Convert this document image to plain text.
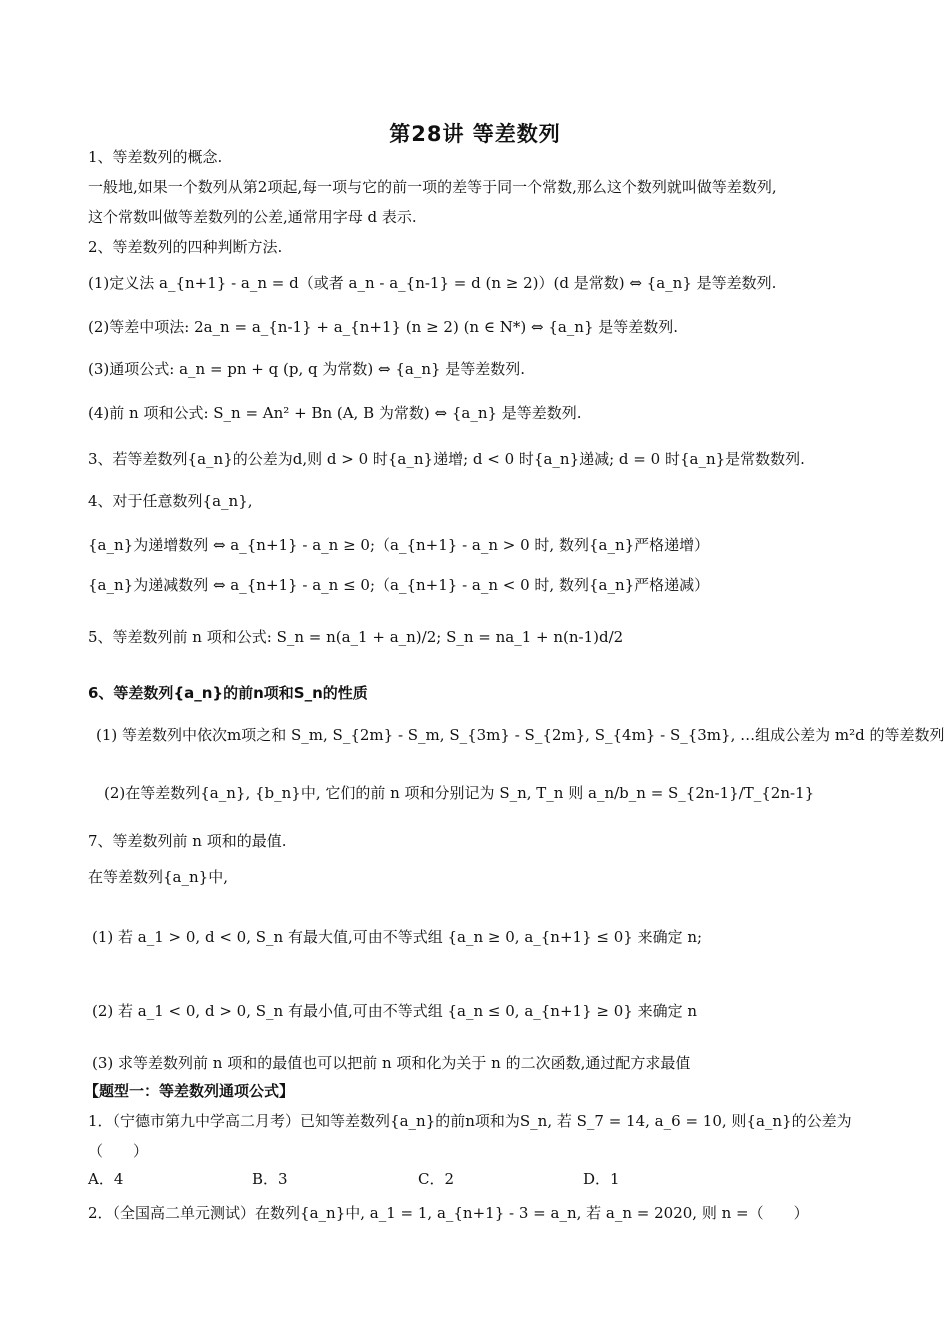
第28讲 等差数列
1、等差数列的概念.
一般地,如果一个数列从第2项起,每一项与它的前一项的差等于同一个常数,那么这个数列就叫做等差数列,
这个常数叫做等差数列的公差,通常用字母 d 表示.
2、等差数列的四种判断方法.
(1)定义法 a_{n+1} - a_n = d（或者 a_n - a_{n-1} = d (n ≥ 2)）(d 是常数) ⇔ {a_n} 是等差数列.
(2)等差中项法: 2a_n = a_{n-1} + a_{n+1} (n ≥ 2) (n ∈ N*) ⇔ {a_n} 是等差数列.
(3)通项公式: a_n = pn + q (p, q 为常数) ⇔ {a_n} 是等差数列.
(4)前 n 项和公式: S_n = An² + Bn (A, B 为常数) ⇔ {a_n} 是等差数列.
3、若等差数列{a_n}的公差为d,则 d > 0 时{a_n}递增; d < 0 时{a_n}递减; d = 0 时{a_n}是常数数列.
4、对于任意数列{a_n},
{a_n}为递增数列 ⇔ a_{n+1} - a_n ≥ 0;（a_{n+1} - a_n > 0 时, 数列{a_n}严格递增）
{a_n}为递减数列 ⇔ a_{n+1} - a_n ≤ 0;（a_{n+1} - a_n < 0 时, 数列{a_n}严格递减）
5、等差数列前 n 项和公式: S_n = n(a_1 + a_n)/2; S_n = na_1 + n(n-1)d/2
6、等差数列{a_n}的前n项和S_n的性质
(1) 等差数列中依次m项之和 S_m, S_{2m} - S_m, S_{3m} - S_{2m}, S_{4m} - S_{3m}, …组成公差为 m²d 的等差数列
(2)在等差数列{a_n}, {b_n}中, 它们的前 n 项和分别记为 S_n, T_n 则 a_n/b_n = S_{2n-1}/T_{2n-1}
7、等差数列前 n 项和的最值.
在等差数列{a_n}中,
(1) 若 a_1 > 0, d < 0, S_n 有最大值,可由不等式组 {a_n ≥ 0, a_{n+1} ≤ 0} 来确定 n;
(2) 若 a_1 < 0, d > 0, S_n 有最小值,可由不等式组 {a_n ≤ 0, a_{n+1} ≥ 0} 来确定 n
(3) 求等差数列前 n 项和的最值也可以把前 n 项和化为关于 n 的二次函数,通过配方求最值
【题型一：等差数列通项公式】
1．（宁德市第九中学高二月考）已知等差数列{a_n}的前n项和为S_n, 若 S_7 = 14, a_6 = 10, 则{a_n}的公差为（　　）
A．4	B．3	C．2	D．1
2．（全国高二单元测试）在数列{a_n}中, a_1 = 1, a_{n+1} - 3 = a_n, 若 a_n = 2020, 则 n =（　　）
